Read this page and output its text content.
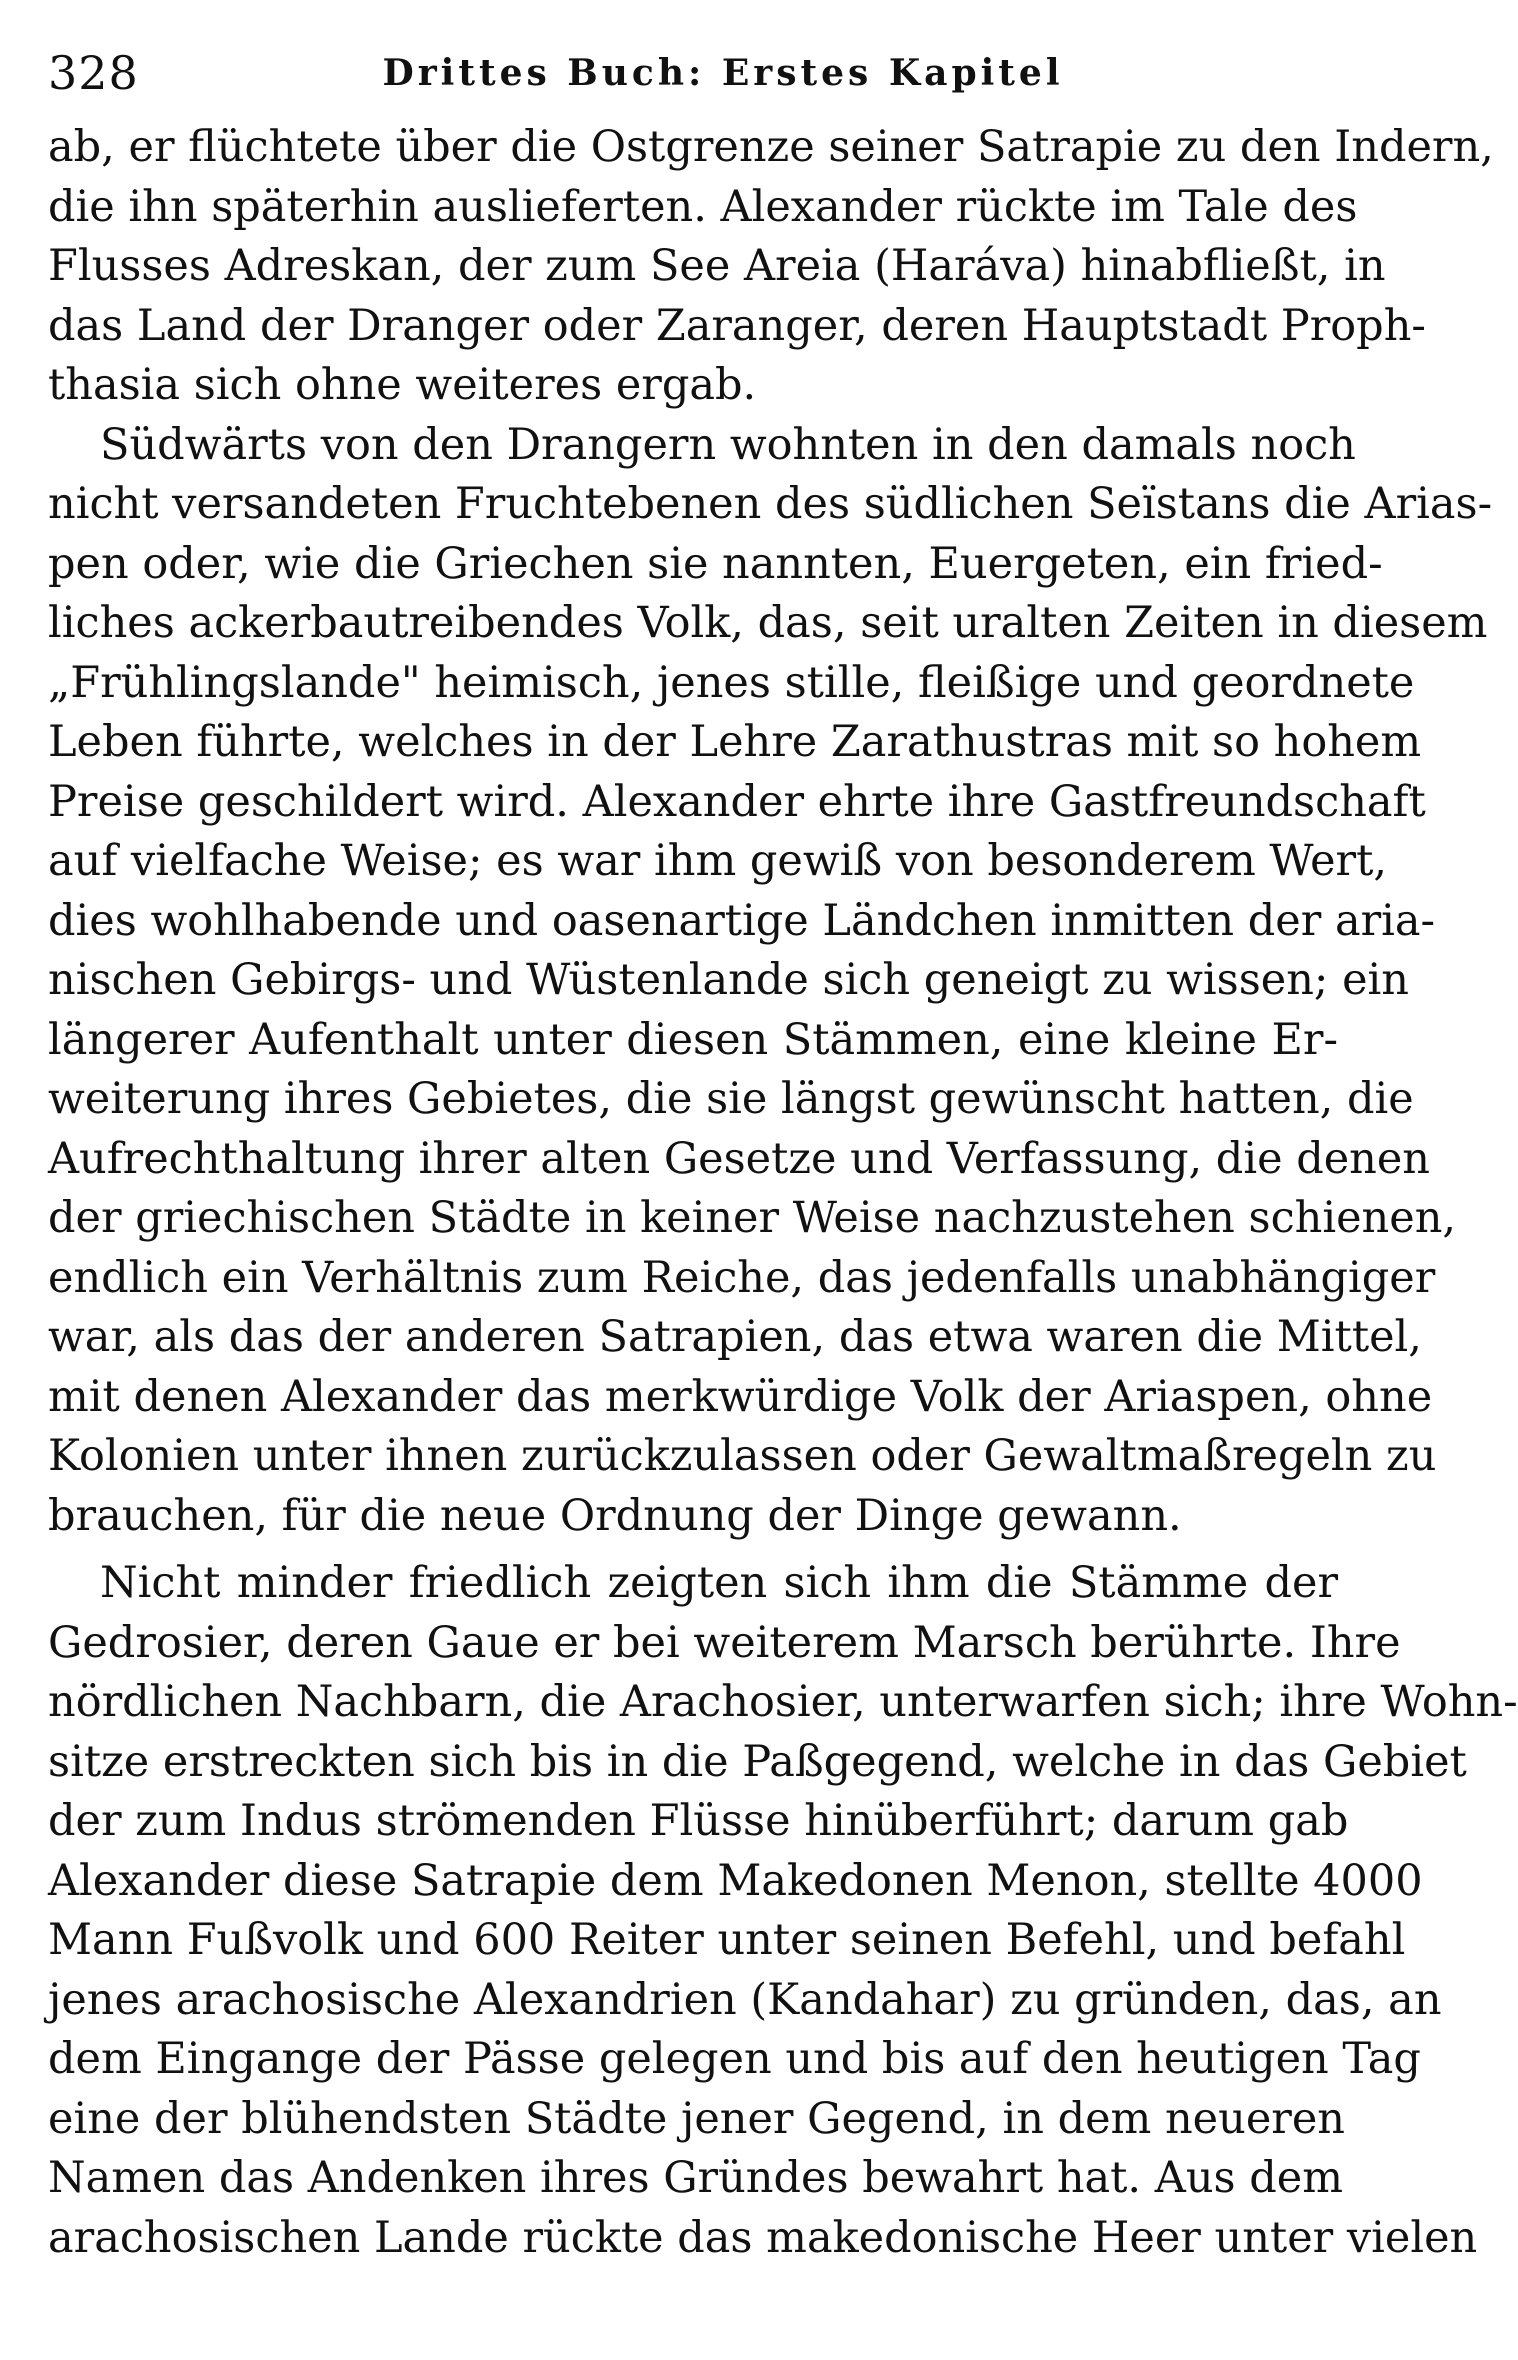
328	Drittes Buch: Erstes Kapitel
ab, er flüchtete über die Ostgrenze seiner Satrapie zu den Indern,
die ihn späterhin auslieferten. Alexander rückte im Tale des
Flusses Adreskan, der zum See Areia (Haráva) hinabfließt, in
das Land der Dranger oder Zaranger, deren Hauptstadt Proph-
thasia sich ohne weiteres ergab.
Südwärts von den Drangern wohnten in den damals noch
nicht versandeten Fruchtebenen des südlichen Seïstans die Arias-
pen oder, wie die Griechen sie nannten, Euergeten, ein fried-
liches ackerbautreibendes Volk, das, seit uralten Zeiten in diesem
„Frühlingslande" heimisch, jenes stille, fleißige und geordnete
Leben führte, welches in der Lehre Zarathustras mit so hohem
Preise geschildert wird. Alexander ehrte ihre Gastfreundschaft
auf vielfache Weise; es war ihm gewiß von besonderem Wert,
dies wohlhabende und oasenartige Ländchen inmitten der aria-
nischen Gebirgs- und Wüstenlande sich geneigt zu wissen; ein
längerer Aufenthalt unter diesen Stämmen, eine kleine Er-
weiterung ihres Gebietes, die sie längst gewünscht hatten, die
Aufrechthaltung ihrer alten Gesetze und Verfassung, die denen
der griechischen Städte in keiner Weise nachzustehen schienen,
endlich ein Verhältnis zum Reiche, das jedenfalls unabhängiger
war, als das der anderen Satrapien, das etwa waren die Mittel,
mit denen Alexander das merkwürdige Volk der Ariaspen, ohne
Kolonien unter ihnen zurückzulassen oder Gewaltmaßregeln zu
brauchen, für die neue Ordnung der Dinge gewann.
Nicht minder friedlich zeigten sich ihm die Stämme der
Gedrosier, deren Gaue er bei weiterem Marsch berührte. Ihre
nördlichen Nachbarn, die Arachosier, unterwarfen sich; ihre Wohn-
sitze erstreckten sich bis in die Paßgegend, welche in das Gebiet
der zum Indus strömenden Flüsse hinüberführt; darum gab
Alexander diese Satrapie dem Makedonen Menon, stellte 4000
Mann Fußvolk und 600 Reiter unter seinen Befehl, und befahl
jenes arachosische Alexandrien (Kandahar) zu gründen, das, an
dem Eingange der Pässe gelegen und bis auf den heutigen Tag
eine der blühendsten Städte jener Gegend, in dem neueren
Namen das Andenken ihres Gründes bewahrt hat. Aus dem
arachosischen Lande rückte das makedonische Heer unter vielen
